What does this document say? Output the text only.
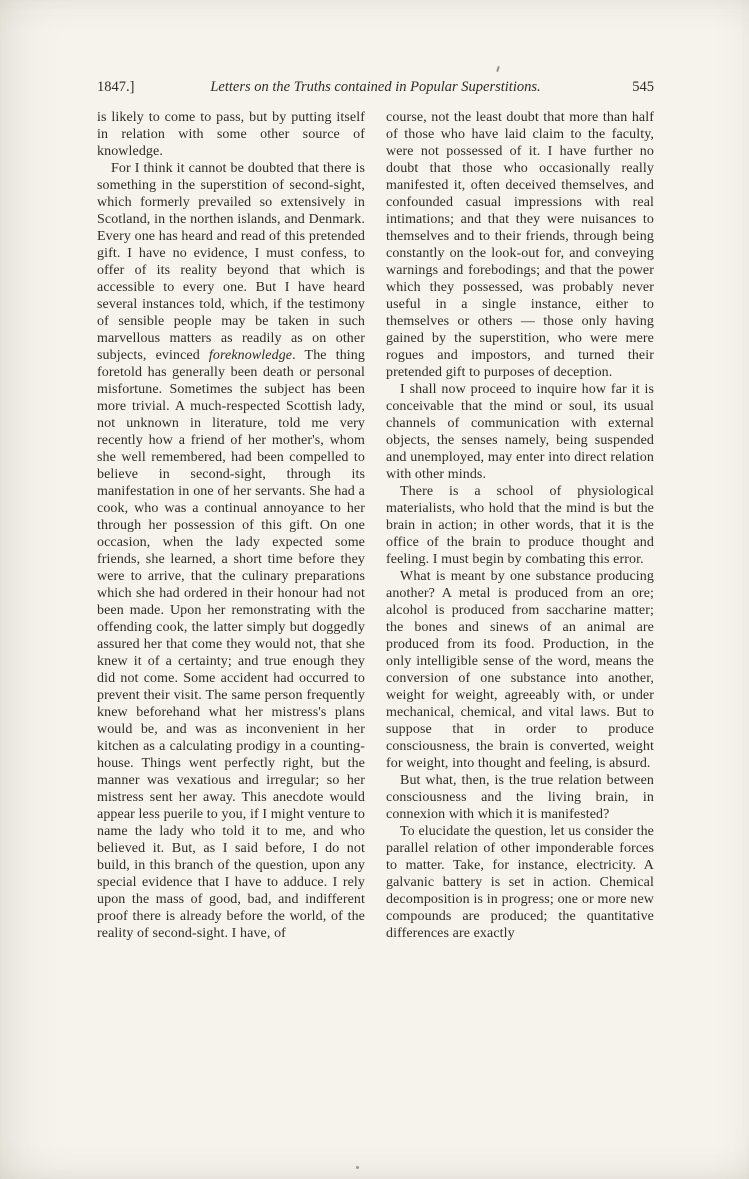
1847.]	Letters on the Truths contained in Popular Superstitions.	545

is likely to come to pass, but by putting itself in relation with some other source of knowledge.

For I think it cannot be doubted that there is something in the superstition of second-sight, which formerly prevailed so extensively in Scotland, in the northen islands, and Denmark. Every one has heard and read of this pretended gift. I have no evidence, I must confess, to offer of its reality beyond that which is accessible to every one. But I have heard several instances told, which, if the testimony of sensible people may be taken in such marvellous matters as readily as on other subjects, evinced foreknowledge. The thing foretold has generally been death or personal misfortune. Sometimes the subject has been more trivial. A much-respected Scottish lady, not unknown in literature, told me very recently how a friend of her mother's, whom she well remembered, had been compelled to believe in second-sight, through its manifestation in one of her servants. She had a cook, who was a continual annoyance to her through her possession of this gift. On one occasion, when the lady expected some friends, she learned, a short time before they were to arrive, that the culinary preparations which she had ordered in their honour had not been made. Upon her remonstrating with the offending cook, the latter simply but doggedly assured her that come they would not, that she knew it of a certainty; and true enough they did not come. Some accident had occurred to prevent their visit. The same person frequently knew beforehand what her mistress's plans would be, and was as inconvenient in her kitchen as a calculating prodigy in a counting-house. Things went perfectly right, but the manner was vexatious and irregular; so her mistress sent her away. This anecdote would appear less puerile to you, if I might venture to name the lady who told it to me, and who believed it. But, as I said before, I do not build, in this branch of the question, upon any special evidence that I have to adduce. I rely upon the mass of good, bad, and indifferent proof there is already before the world, of the reality of second-sight. I have, of

course, not the least doubt that more than half of those who have laid claim to the faculty, were not possessed of it. I have further no doubt that those who occasionally really manifested it, often deceived themselves, and confounded casual impressions with real intimations; and that they were nuisances to themselves and to their friends, through being constantly on the look-out for, and conveying warnings and forebodings; and that the power which they possessed, was probably never useful in a single instance, either to themselves or others — those only having gained by the superstition, who were mere rogues and impostors, and turned their pretended gift to purposes of deception.

I shall now proceed to inquire how far it is conceivable that the mind or soul, its usual channels of communication with external objects, the senses namely, being suspended and unemployed, may enter into direct relation with other minds.

There is a school of physiological materialists, who hold that the mind is but the brain in action; in other words, that it is the office of the brain to produce thought and feeling. I must begin by combating this error.

What is meant by one substance producing another? A metal is produced from an ore; alcohol is produced from saccharine matter; the bones and sinews of an animal are produced from its food. Production, in the only intelligible sense of the word, means the conversion of one substance into another, weight for weight, agreeably with, or under mechanical, chemical, and vital laws. But to suppose that in order to produce consciousness, the brain is converted, weight for weight, into thought and feeling, is absurd.

But what, then, is the true relation between consciousness and the living brain, in connexion with which it is manifested?

To elucidate the question, let us consider the parallel relation of other imponderable forces to matter. Take, for instance, electricity. A galvanic battery is set in action. Chemical decomposition is in progress; one or more new compounds are produced; the quantitative differences are exactly
